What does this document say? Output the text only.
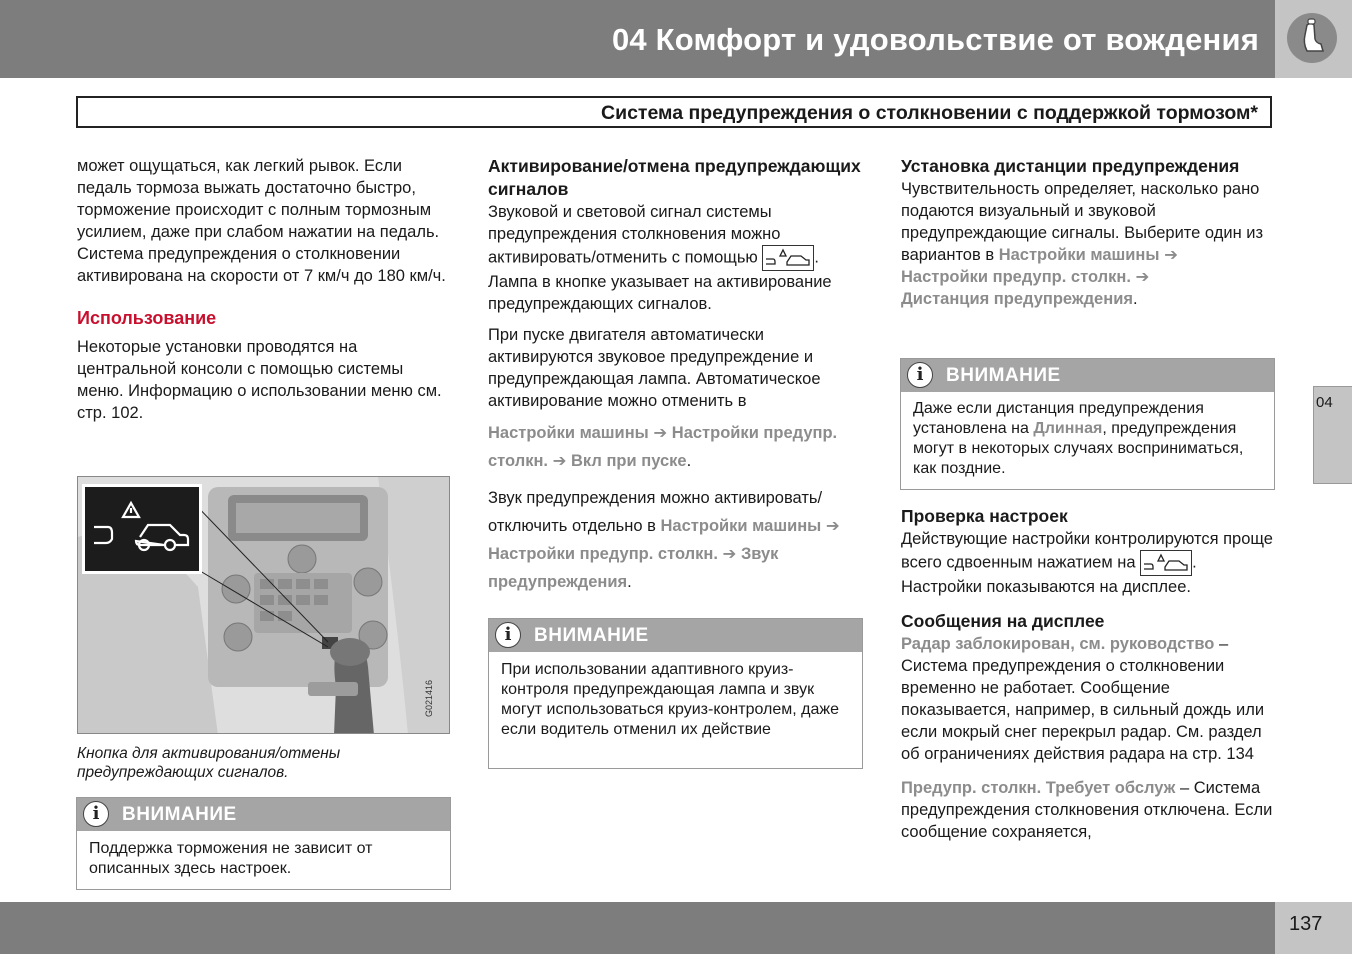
04 Комфорт и удовольствие от вождения
Система предупреждения о столкновении с поддержкой тормозом*

может ощущаться, как легкий рывок. Если педаль тормоза выжать достаточно быстро, торможение происходит с полным тормозным усилием, даже при слабом нажатии на педаль. Система предупреждения о столкновении активирована на скорости от 7 км/ч до 180 км/ч.

Использование

Некоторые установки проводятся на центральной консоли с помощью системы меню. Информацию о использовании меню см. стр. 102.

G021416
Кнопка для активирования/отмены предупреждающих сигналов.
i	ВНИМАНИЕ
Поддержка торможения не зависит от описанных здесь настроек.
Активирование/отмена предупреждающих сигналов

Звуковой и световой сигнал системы предупреждения столкновения можно активировать/отменить с помощью	. Лампа в кнопке указывает на активирование предупреждающих сигналов.

При пуске двигателя автоматически активируются звуковое предупреждение и предупреждающая лампа. Автоматическое активирование можно отменить в

Настройки машины ➔ Настройки предупр. столкн. ➔ Вкл при пуске.

Звук предупреждения можно активировать/ отключить отдельно в Настройки машины ➔ Настройки предупр. столкн. ➔ Звук предупреждения.

i	ВНИМАНИЕ
При использовании адаптивного круиз-контроля предупреждающая лампа и звук могут использоваться круиз-контролем, даже если водитель отменил их действие
Установка дистанции предупреждения

Чувствительность определяет, насколько рано подаются визуальный и звуковой предупреждающие сигналы. Выберите один из вариантов в Настройки машины ➔
Настройки предупр. столкн. ➔
Дистанция предупреждения.

i	ВНИМАНИЕ
Даже если дистанция предупреждения установлена на Длинная, предупреждения могут в некоторых случаях восприниматься, как поздние.
Проверка настроек

Действующие настройки контролируются проще всего сдвоенным нажатием на	. Настройки показываются на дисплее.

Сообщения на дисплее

Радар заблокирован, см. руководство – Система предупреждения о столкновении временно не работает. Сообщение показывается, например, в сильный дождь или если мокрый снег перекрыл радар. См. раздел об ограничениях действия радара на стр. 134

Предупр. столкн. Требует обслуж – Система предупреждения столкновения отключена. Если сообщение сохраняется,

04
137
